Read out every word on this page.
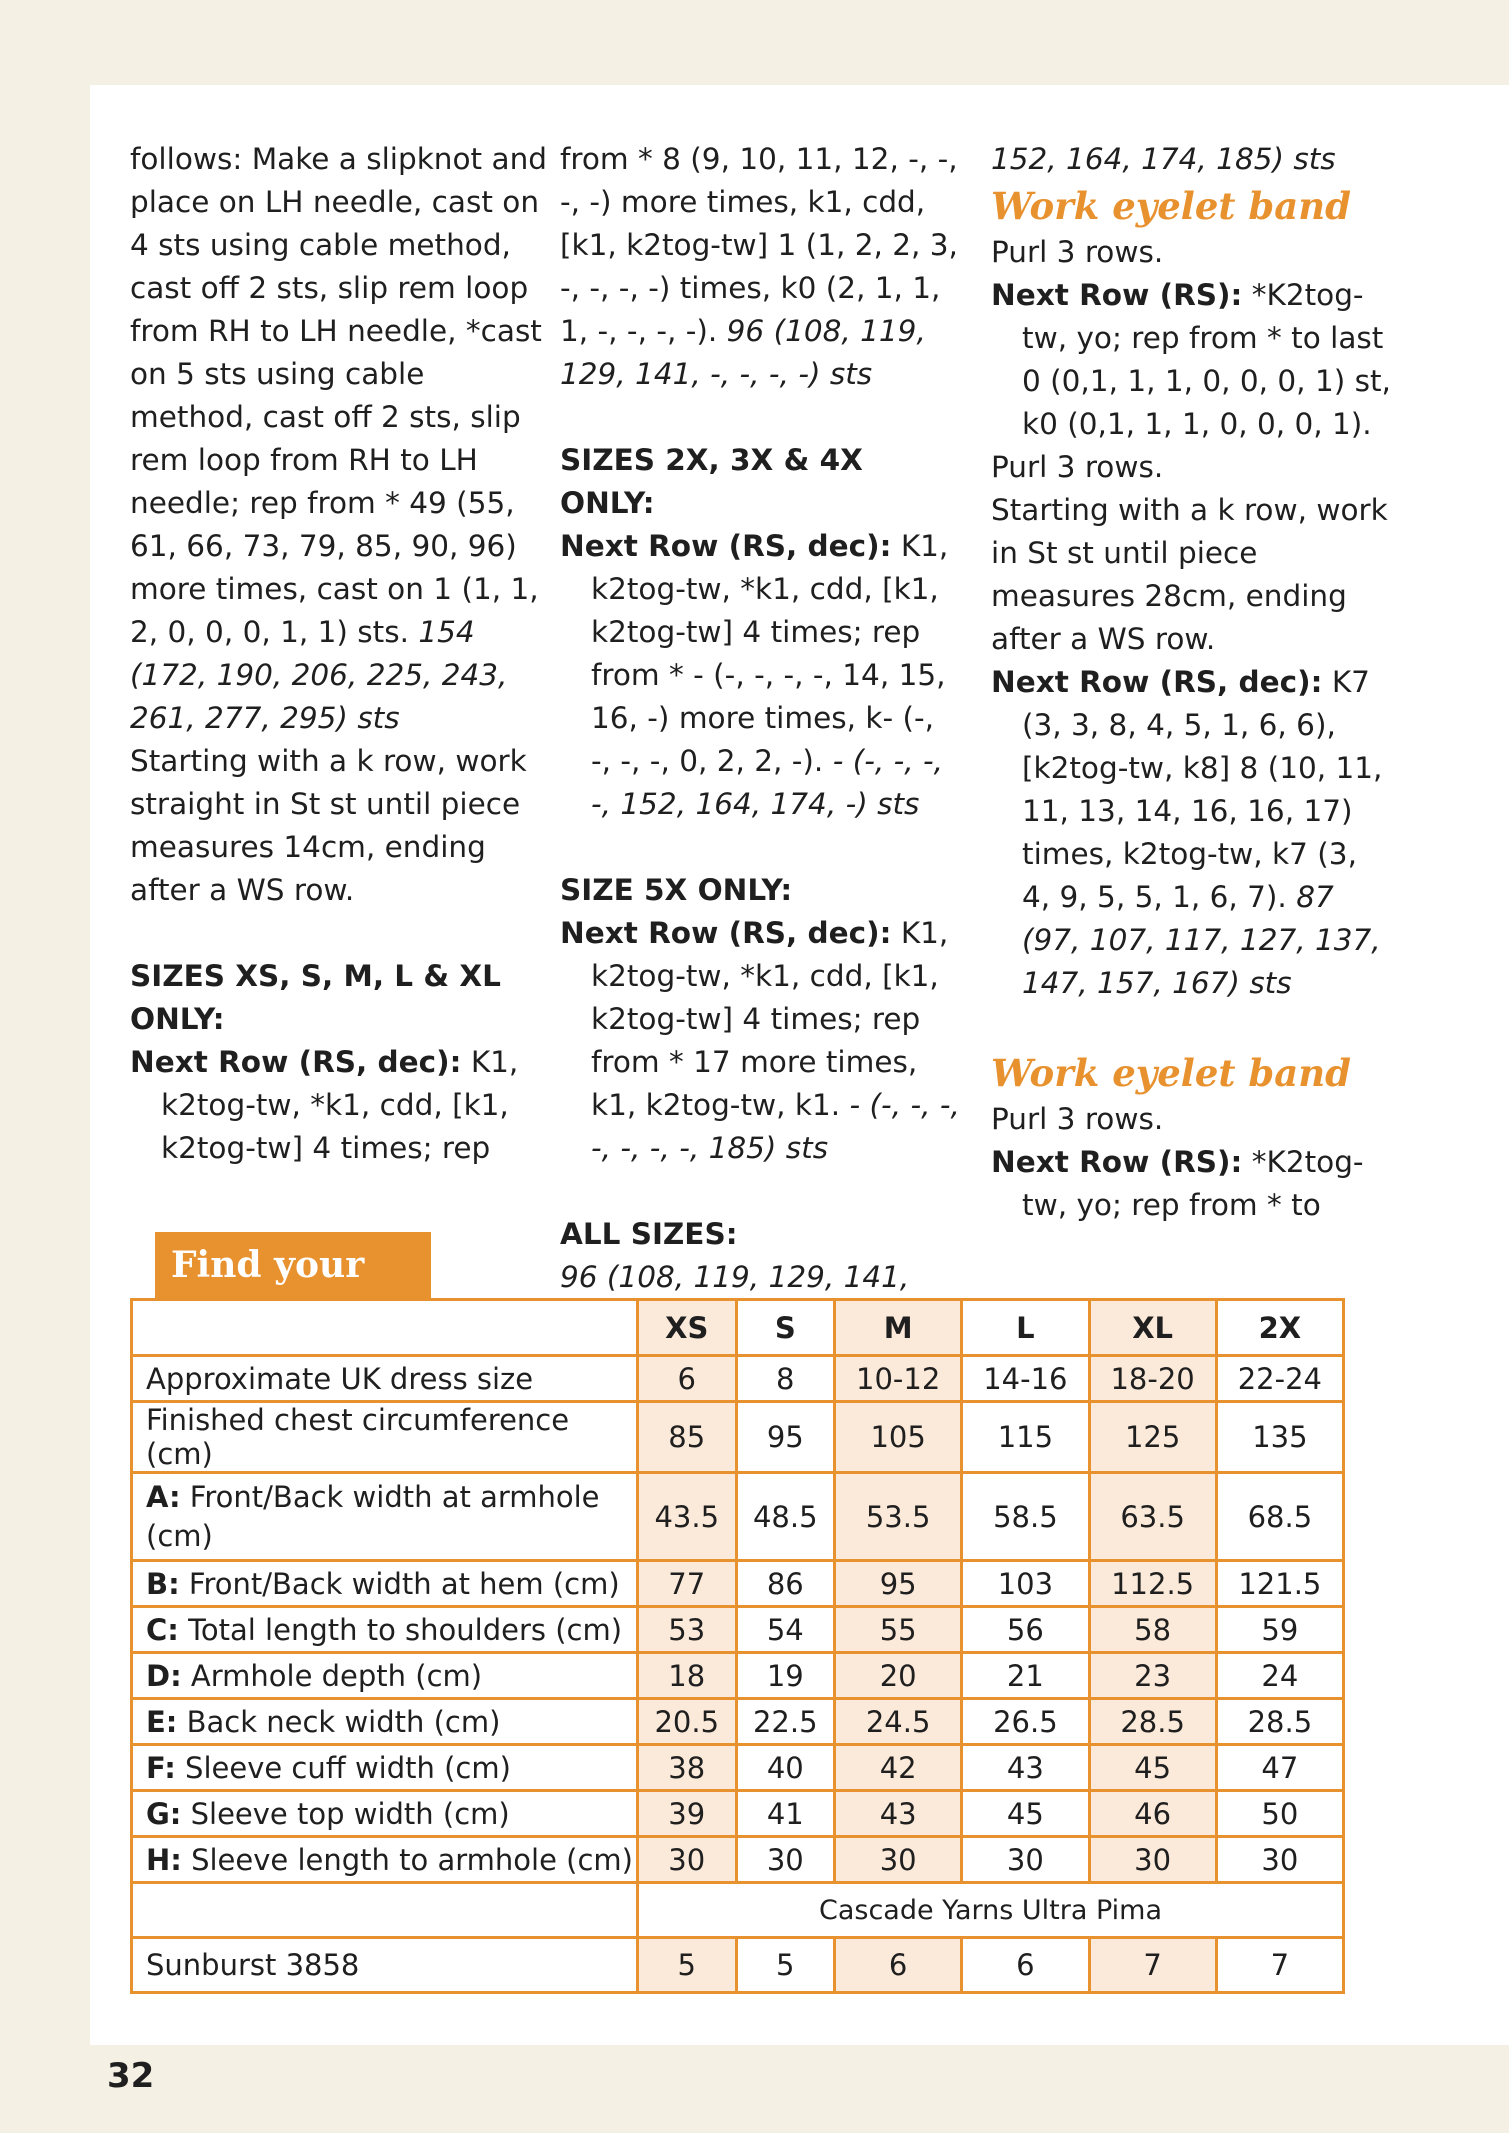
follows: Make a slipknot and place on LH needle, cast on 4 sts using cable method, cast off 2 sts, slip rem loop from RH to LH needle, *cast on 5 sts using cable method, cast off 2 sts, slip rem loop from RH to LH needle; rep from * 49 (55, 61, 66, 73, 79, 85, 90, 96) more times, cast on 1 (1, 1, 2, 0, 0, 0, 1, 1) sts. 154 (172, 190, 206, 225, 243, 261, 277, 295) sts

Starting with a k row, work straight in St st until piece measures 14cm, ending after a WS row.

SIZES XS, S, M, L & XL ONLY:

Next Row (RS, dec): K1, k2tog-tw, *k1, cdd, [k1, k2tog-tw] 4 times; rep

from * 8 (9, 10, 11, 12, -, -, -, -) more times, k1, cdd, [k1, k2tog-tw] 1 (1, 2, 2, 3, -, -, -, -) times, k0 (2, 1, 1, 1, -, -, -, -). 96 (108, 119, 129, 141, -, -, -, -) sts

SIZES 2X, 3X & 4X ONLY:

Next Row (RS, dec): K1, k2tog-tw, *k1, cdd, [k1, k2tog-tw] 4 times; rep from * - (-, -, -, -, 14, 15, 16, -) more times, k- (-, -, -, -, 0, 2, 2, -). - (-, -, -, -, 152, 164, 174, -) sts

SIZE 5X ONLY:

Next Row (RS, dec): K1, k2tog-tw, *k1, cdd, [k1, k2tog-tw] 4 times; rep from * 17 more times, k1, k2tog-tw, k1. - (-, -, -, -, -, -, -, 185) sts

ALL SIZES:

96 (108, 119, 129, 141,

152, 164, 174, 185) sts

Work eyelet band

Purl 3 rows.

Next Row (RS): *K2tog-tw, yo; rep from * to last 0 (0,1, 1, 1, 0, 0, 0, 1) st, k0 (0,1, 1, 1, 0, 0, 0, 1).

Purl 3 rows.

Starting with a k row, work in St st until piece measures 28cm, ending after a WS row.

Next Row (RS, dec): K7 (3, 3, 8, 4, 5, 1, 6, 6), [k2tog-tw, k8] 8 (10, 11, 11, 13, 14, 16, 16, 17) times, k2tog-tw, k7 (3, 4, 9, 5, 5, 1, 6, 7). 87 (97, 107, 117, 127, 137, 147, 157, 167) sts

Work eyelet band

Purl 3 rows.

Next Row (RS): *K2tog-tw, yo; rep from * to

Find your size
		XS	S	M	L	XL	2X
Approximate UK dress size	6	8	10-12	14-16	18-20	22-24
Finished chest circumference (cm)	85	95	105	115	125	135
A: Front/Back width at armhole (cm)	43.5	48.5	53.5	58.5	63.5	68.5
B: Front/Back width at hem (cm)	77	86	95	103	112.5	121.5
C: Total length to shoulders (cm)	53	54	55	56	58	59
D: Armhole depth (cm)	18	19	20	21	23	24
E: Back neck width (cm)	20.5	22.5	24.5	26.5	28.5	28.5
F: Sleeve cuff width (cm)	38	40	42	43	45	47
G: Sleeve top width (cm)	39	41	43	45	46	50
H: Sleeve length to armhole (cm)	30	30	30	30	30	30
	Cascade Yarns Ultra Pima					
Sunburst 3858	5	5	6	6	7	7
32
